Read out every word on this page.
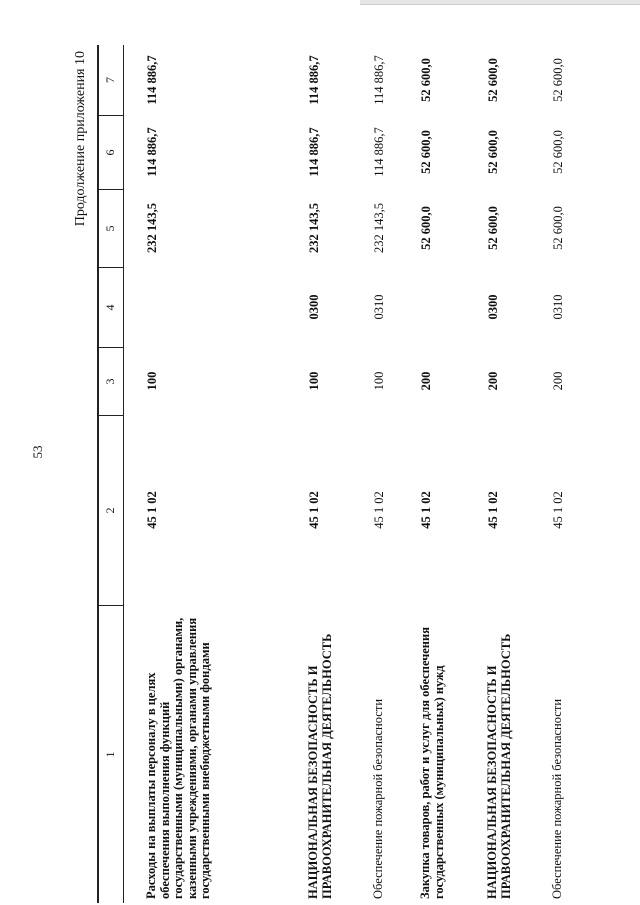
53
Продолжение приложения 10
1
2
3
4
5
6
7
Расходы на выплаты персоналу в целях обеспечения выполнения функций государственными (муниципальными) органами, казенными учреждениями, органами управления государственными внебюджетными фондами
45 1 02
100
232 143,5
114 886,7
114 886,7
НАЦИОНАЛЬНАЯ БЕЗОПАСНОСТЬ И ПРАВООХРАНИТЕЛЬНАЯ ДЕЯТЕЛЬНОСТЬ
45 1 02
100
0300
232 143,5
114 886,7
114 886,7
Обеспечение пожарной безопасности
45 1 02
100
0310
232 143,5
114 886,7
114 886,7
Закупка товаров, работ и услуг для обеспечения государственных (муниципальных) нужд
45 1 02
200
52 600,0
52 600,0
52 600,0
НАЦИОНАЛЬНАЯ БЕЗОПАСНОСТЬ И ПРАВООХРАНИТЕЛЬНАЯ ДЕЯТЕЛЬНОСТЬ
45 1 02
200
0300
52 600,0
52 600,0
52 600,0
Обеспечение пожарной безопасности
45 1 02
200
0310
52 600,0
52 600,0
52 600,0
